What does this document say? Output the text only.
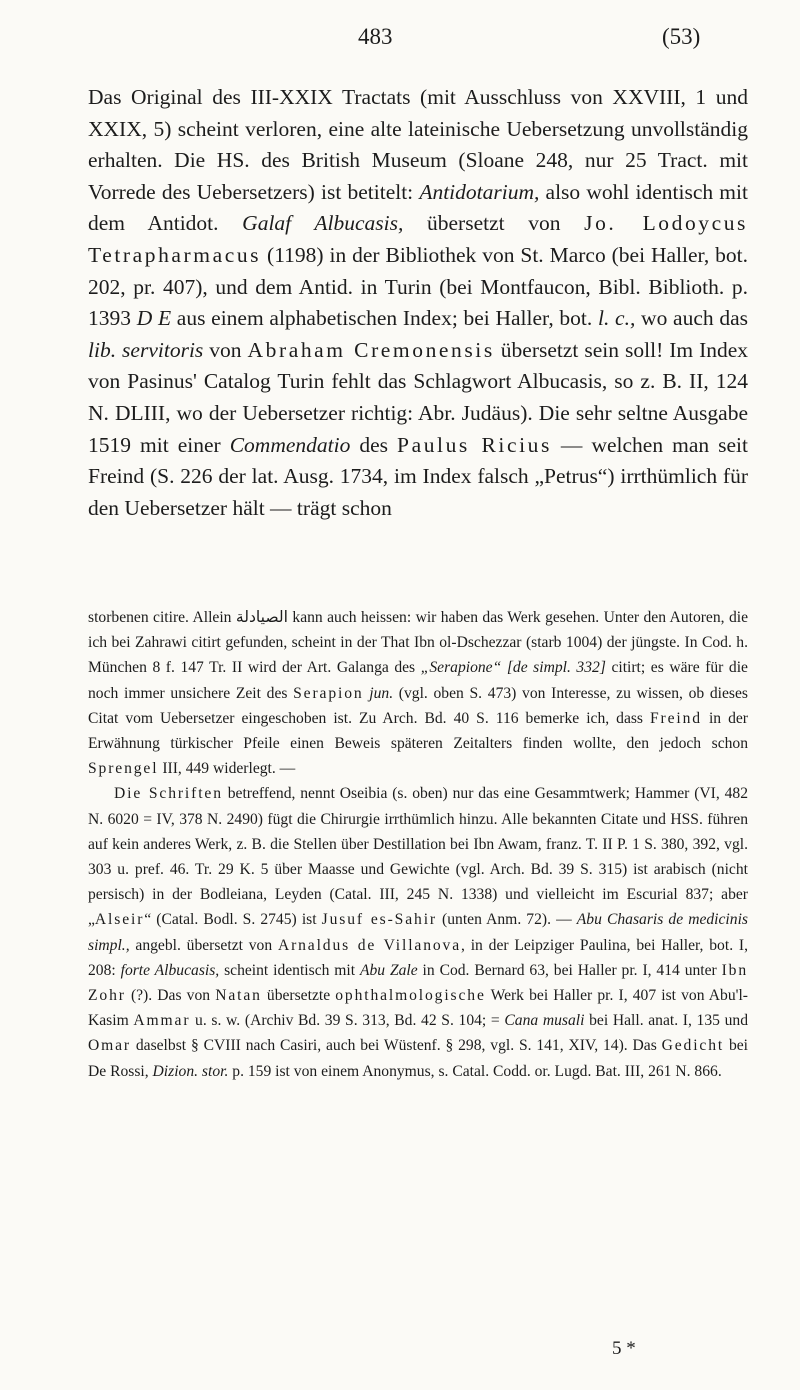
483	(53)

Das Original des III-XXIX Tractats (mit Ausschluss von XXVIII, 1 und XXIX, 5) scheint verloren, eine alte lateinische Uebersetzung unvollständig erhalten. Die HS. des British Museum (Sloane 248, nur 25 Tract. mit Vorrede des Uebersetzers) ist betitelt: Antidotarium, also wohl identisch mit dem Antidot. Galaf Albucasis, übersetzt von Jo. Lodoycus Tetrapharmacus (1198) in der Bibliothek von St. Marco (bei Haller, bot. 202, pr. 407), und dem Antid. in Turin (bei Montfaucon, Bibl. Biblioth. p. 1393 D E aus einem alphabetischen Index; bei Haller, bot. l. c., wo auch das lib. servitoris von Abraham Cremonensis übersetzt sein soll! Im Index von Pasinus' Catalog Turin fehlt das Schlagwort Albucasis, so z. B. II, 124 N. DLIII, wo der Uebersetzer richtig: Abr. Judäus). Die sehr seltne Ausgabe 1519 mit einer Commendatio des Paulus Ricius — welchen man seit Freind (S. 226 der lat. Ausg. 1734, im Index falsch „Petrus“) irrthümlich für den Uebersetzer hält — trägt schon

storbenen citire. Allein الصيادلة kann auch heissen: wir haben das Werk gesehen. Unter den Autoren, die ich bei Zahrawi citirt gefunden, scheint in der That Ibn ol-Dschezzar (starb 1004) der jüngste. In Cod. h. München 8 f. 147 Tr. II wird der Art. Galanga des „Serapione“ [de simpl. 332] citirt; es wäre für die noch immer unsichere Zeit des Serapion jun. (vgl. oben S. 473) von Interesse, zu wissen, ob dieses Citat vom Uebersetzer eingeschoben ist. Zu Arch. Bd. 40 S. 116 bemerke ich, dass Freind in der Erwähnung türkischer Pfeile einen Beweis späteren Zeitalters finden wollte, den jedoch schon Sprengel III, 449 widerlegt. —

Die Schriften betreffend, nennt Oseibia (s. oben) nur das eine Gesammtwerk; Hammer (VI, 482 N. 6020 = IV, 378 N. 2490) fügt die Chirurgie irrthümlich hinzu. Alle bekannten Citate und HSS. führen auf kein anderes Werk, z. B. die Stellen über Destillation bei Ibn Awam, franz. T. II P. 1 S. 380, 392, vgl. 303 u. pref. 46. Tr. 29 K. 5 über Maasse und Gewichte (vgl. Arch. Bd. 39 S. 315) ist arabisch (nicht persisch) in der Bodleiana, Leyden (Catal. III, 245 N. 1338) und vielleicht im Escurial 837; aber „Alseir“ (Catal. Bodl. S. 2745) ist Jusuf es-Sahir (unten Anm. 72). — Abu Chasaris de medicinis simpl., angebl. übersetzt von Arnaldus de Villanova, in der Leipziger Paulina, bei Haller, bot. I, 208: forte Albucasis, scheint identisch mit Abu Zale in Cod. Bernard 63, bei Haller pr. I, 414 unter Ibn Zohr (?). Das von Natan übersetzte ophthalmologische Werk bei Haller pr. I, 407 ist von Abu'l-Kasim Ammar u. s. w. (Archiv Bd. 39 S. 313, Bd. 42 S. 104; = Cana musali bei Hall. anat. I, 135 und Omar daselbst § CVIII nach Casiri, auch bei Wüstenf. § 298, vgl. S. 141, XIV, 14). Das Gedicht bei De Rossi, Dizion. stor. p. 159 ist von einem Anonymus, s. Catal. Codd. or. Lugd. Bat. III, 261 N. 866.

5 *
